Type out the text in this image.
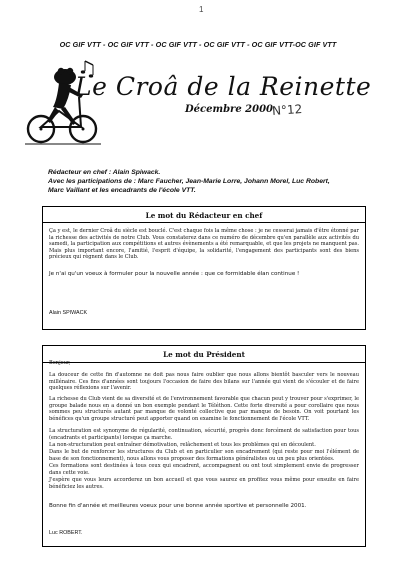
1
OC GIF VTT - OC GIF VTT - OC GIF VTT - OC GIF VTT - OC GIF VTT-OC GIF VTT
Le Croâ de la Reinette
Décembre 2000
N°12
Rédacteur en chef : Alain Spiwack.
Avec les participations de : Marc Faucher, Jean-Marie Lorre, Johann Morel, Luc Robert,
Marc Vaillant et les encadrants de l'école VTT.
Le mot du Rédacteur en chef

Ça y est, le dernier Croâ du siècle est bouclé. C'est chaque fois la même chose : je ne cesserai jamais d'être étonné par la richesse des activités de notre Club. Vous constaterez dans ce numéro de décembre qu'en parallèle aux activités du samedi, la participation aux compétitions et autres évènements a été remarquable, et que les projets ne manquent pas. Mais plus important encore, l'amitié, l'esprit d'équipe, la solidarité, l'engagement des participants sont des biens précieux qui règnent dans le Club.

Je n'ai qu'un voeux à formuler pour la nouvelle année : que ce formidable élan continue !

Alain SPIWACK
Le mot du Président

Bonjour,

La douceur de cette fin d'automne ne doit pas nous faire oublier que nous allons bientôt basculer vers le nouveau millénaire. Ces fins d'années sont toujours l'occasion de faire des bilans sur l'année qui vient de s'écouler et de faire quelques réflexions sur l'avenir.

La richesse du Club vient de sa diversité et de l'environnement favorable que chacun peut y trouver pour s'exprimer, le groupe balade nous en a donné un bon exemple pendant le Téléthon. Cette forte diversité a pour corollaire que nous sommes peu structurés autant par manque de volonté collective que par manque de besoin. On voit pourtant les bénéfices qu'un groupe structuré peut apporter quand on examine le fonctionnement de l'école VTT.

La structuration est synonyme de régularité, continuation, sécurité, progrès donc forcément de satisfaction pour tous (encadrants et participants) lorsque ça marche.

La non-structuration peut entraîner démotivation, relâchement et tous les problèmes qui en découlent.

Dans le but de renforcer les structures du Club et en particulier son encadrement (qui reste pour moi l'élément de base de son fonctionnement), nous allons vous proposer des formations généralistes ou un peu plus orientées.

Ces formations sont destinées à tous ceux qui encadrent, accompagnent ou ont tout simplement envie de progresser dans cette voie.

J'espère que vous leurs accorderez un bon accueil et que vous saurez en profitez vous même pour ensuite en faire bénéficiez les autres.

Bonne fin d'année et meilleures voeux pour une bonne année sportive et personnelle 2001.

Luc ROBERT.
